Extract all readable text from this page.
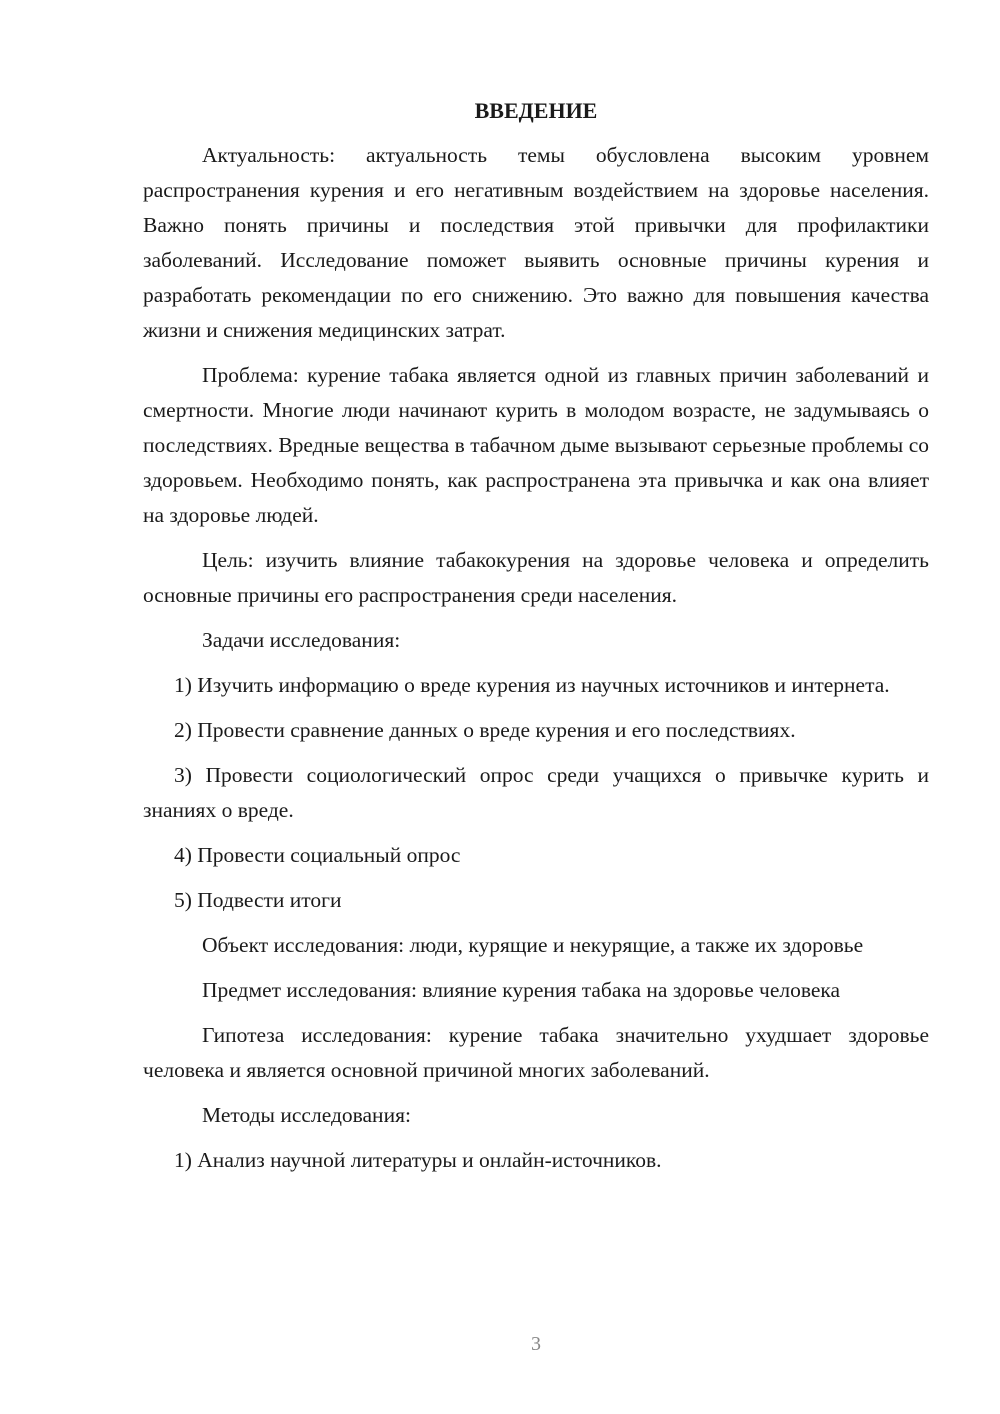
ВВЕДЕНИЕ

Актуальность: актуальность темы обусловлена высоким уровнем распространения курения и его негативным воздействием на здоровье населения. Важно понять причины и последствия этой привычки для профилактики заболеваний. Исследование поможет выявить основные причины курения и разработать рекомендации по его снижению. Это важно для повышения качества жизни и снижения медицинских затрат.

Проблема: курение табака является одной из главных причин заболеваний и смертности. Многие люди начинают курить в молодом возрасте, не задумываясь о последствиях. Вредные вещества в табачном дыме вызывают серьезные проблемы со здоровьем. Необходимо понять, как распространена эта привычка и как она влияет на здоровье людей.

Цель: изучить влияние табакокурения на здоровье человека и определить основные причины его распространения среди населения.

Задачи исследования:

1) Изучить информацию о вреде курения из научных источников и интернета.

2) Провести сравнение данных о вреде курения и его последствиях.

3) Провести социологический опрос среди учащихся о привычке курить и знаниях о вреде.

4) Провести социальный опрос

5) Подвести итоги

Объект исследования: люди, курящие и некурящие, а также их здоровье

Предмет исследования: влияние курения табака на здоровье человека

Гипотеза исследования: курение табака значительно ухудшает здоровье человека и является основной причиной многих заболеваний.

Методы исследования:

1) Анализ научной литературы и онлайн-источников.

3
